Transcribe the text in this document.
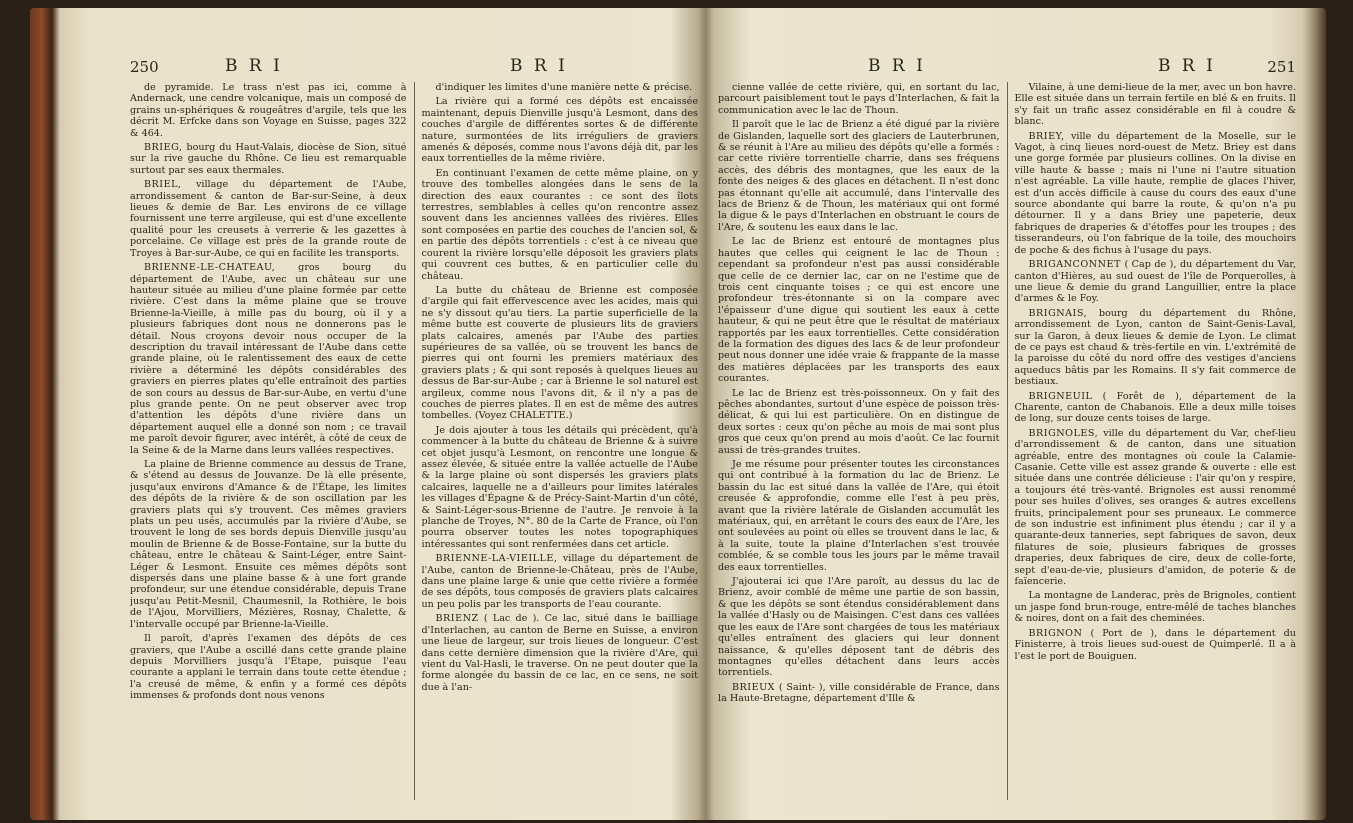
250	B R I	B R I

de pyramide. Le trass n'est pas ici, comme à Andernack, une cendre volcanique, mais un composé de grains un-sphériques & rougeâtres d'argile, tels que les décrit M. Erfcke dans son Voyage en Suisse, pages 322 & 464.

BRIEG, bourg du Haut-Valais, diocèse de Sion, situé sur la rive gauche du Rhône. Ce lieu est remarquable surtout par ses eaux thermales.

BRIEL, village du département de l'Aube, arrondissement & canton de Bar-sur-Seine, à deux lieues & demie de Bar. Les environs de ce village fournissent une terre argileuse, qui est d'une excellente qualité pour les creusets à verrerie & les gazettes à porcelaine. Ce village est près de la grande route de Troyes à Bar-sur-Aube, ce qui en facilite les transports.

BRIENNE-LE-CHATEAU, gros bourg du département de l'Aube, avec un château sur une hauteur située au milieu d'une plaine formée par cette rivière. C'est dans la même plaine que se trouve Brienne-la-Vieille, à mille pas du bourg, où il y a plusieurs fabriques dont nous ne donnerons pas le détail. Nous croyons devoir nous occuper de la description du travail intéressant de l'Aube dans cette grande plaine, où le ralentissement des eaux de cette rivière a déterminé les dépôts considérables des graviers en pierres plates qu'elle entraînoit des parties de son cours au dessus de Bar-sur-Aube, en vertu d'une plus grande pente. On ne peut observer avec trop d'attention les dépôts d'une rivière dans un département auquel elle a donné son nom ; ce travail me paroît devoir figurer, avec intérêt, à côté de ceux de la Seine & de la Marne dans leurs vallées respectives.

La plaine de Brienne commence au dessus de Trane, & s'étend au dessus de Jouvanze. De là elle présente, jusqu'aux environs d'Amance & de l'Étape, les limites des dépôts de la rivière & de son oscillation par les graviers plats qui s'y trouvent. Ces mêmes graviers plats un peu usés, accumulés par la rivière d'Aube, se trouvent le long de ses bords depuis Dienville jusqu'au moulin de Brienne & de Bosse-Fontaine, sur la butte du château, entre le château & Saint-Léger, entre Saint-Léger & Lesmont. Ensuite ces mêmes dépôts sont dispersés dans une plaine basse & à une fort grande profondeur, sur une étendue considérable, depuis Trane jusqu'au Petit-Mesnil, Chaumesnil, la Rothière, le bois de l'Ajou, Morvilliers, Mézières, Rosnay, Chalette, & l'intervalle occupé par Brienne-la-Vieille.

Il paroît, d'après l'examen des dépôts de ces graviers, que l'Aube a oscillé dans cette grande plaine depuis Morvilliers jusqu'à l'Étape, puisque l'eau courante a applani le terrain dans toute cette étendue ; l'a creusé de même, & enfin y a formé ces dépôts immenses & profonds dont nous venons

d'indiquer les limites d'une manière nette & précise.

La rivière qui a formé ces dépôts est encaissée maintenant, depuis Dienville jusqu'à Lesmont, dans des couches d'argile de différentes sortes & de différente nature, surmontées de lits irréguliers de graviers amenés & déposés, comme nous l'avons déjà dit, par les eaux torrentielles de la même rivière.

En continuant l'examen de cette même plaine, on y trouve des tombelles alongées dans le sens de la direction des eaux courantes : ce sont des îlots terrestres, semblables à celles qu'on rencontre assez souvent dans les anciennes vallées des rivières. Elles sont composées en partie des couches de l'ancien sol, & en partie des dépôts torrentiels : c'est à ce niveau que courent la rivière lorsqu'elle déposoit les graviers plats qui couvrent ces buttes, & en particulier celle du château.

La butte du château de Brienne est composée d'argile qui fait effervescence avec les acides, mais qui ne s'y dissout qu'au tiers. La partie superficielle de la même butte est couverte de plusieurs lits de graviers plats calcaires, amenés par l'Aube des parties supérieures de sa vallée, où se trouvent les bancs de pierres qui ont fourni les premiers matériaux des graviers plats ; & qui sont reposés à quelques lieues au dessus de Bar-sur-Aube ; car à Brienne le sol naturel est argileux, comme nous l'avons dit, & il n'y a pas de couches de pierres plates. Il en est de même des autres tombelles. (Voyez CHALETTE.)

Je dois ajouter à tous les détails qui précèdent, qu'à commencer à la butte du château de Brienne & à suivre cet objet jusqu'à Lesmont, on rencontre une longue & assez élevée, & située entre la vallée actuelle de l'Aube & la large plaine où sont dispersés les graviers plats calcaires, laquelle ne a d'ailleurs pour limites latérales les villages d'Épagne & de Précy-Saint-Martin d'un côté, & Saint-Léger-sous-Brienne de l'autre. Je renvoie à la planche de Troyes, N°. 80 de la Carte de France, où l'on pourra observer toutes les notes topographiques intéressantes qui sont renfermées dans cet article.

BRIENNE-LA-VIEILLE, village du département de l'Aube, canton de Brienne-le-Château, près de l'Aube, dans une plaine large & unie que cette rivière a formée de ses dépôts, tous composés de graviers plats calcaires un peu polis par les transports de l'eau courante.

BRIENZ ( Lac de ). Ce lac, situé dans le bailliage d'Interlachen, au canton de Berne en Suisse, a environ une lieue de largeur, sur trois lieues de longueur. C'est dans cette dernière dimension que la rivière d'Are, qui vient du Val-Hasli, le traverse. On ne peut douter que la forme alongée du bassin de ce lac, en ce sens, ne soit due à l'an-

B R I	B R I	251

cienne vallée de cette rivière, qui, en sortant du lac, parcourt paisiblement tout le pays d'Interlachen, & fait la communication avec le lac de Thoun.

Il paroît que le lac de Brienz a été digué par la rivière de Gislanden, laquelle sort des glaciers de Lauterbrunen, & se réunit à l'Are au milieu des dépôts qu'elle a formés : car cette rivière torrentielle charrie, dans ses fréquens accès, des débris des montagnes, que les eaux de la fonte des neiges & des glaces en détachent. Il n'est donc pas étonnant qu'elle ait accumulé, dans l'intervalle des lacs de Brienz & de Thoun, les matériaux qui ont formé la digue & le pays d'Interlachen en obstruant le cours de l'Are, & soutenu les eaux dans le lac.

Le lac de Brienz est entouré de montagnes plus hautes que celles qui ceignent le lac de Thoun : cependant sa profondeur n'est pas aussi considérable que celle de ce dernier lac, car on ne l'estime que de trois cent cinquante toises ; ce qui est encore une profondeur très-étonnante si on la compare avec l'épaisseur d'une digue qui soutient les eaux à cette hauteur, & qui ne peut être que le résultat de matériaux rapportés par les eaux torrentielles. Cette considération de la formation des digues des lacs & de leur profondeur peut nous donner une idée vraie & frappante de la masse des matières déplacées par les transports des eaux courantes.

Le lac de Brienz est très-poissonneux. On y fait des pêches abondantes, surtout d'une espèce de poisson très-délicat, & qui lui est particulière. On en distingue de deux sortes : ceux qu'on pêche au mois de mai sont plus gros que ceux qu'on prend au mois d'août. Ce lac fournit aussi de très-grandes truites.

Je me résume pour présenter toutes les circonstances qui ont contribué à la formation du lac de Brienz. Le bassin du lac est situé dans la vallée de l'Are, qui étoit creusée & approfondie, comme elle l'est à peu près, avant que la rivière latérale de Gislanden accumulât les matériaux, qui, en arrêtant le cours des eaux de l'Are, les ont soulevées au point où elles se trouvent dans le lac, & à la suite, toute la plaine d'Interlachen s'est trouvée comblée, & se comble tous les jours par le même travail des eaux torrentielles.

J'ajouterai ici que l'Are paroît, au dessus du lac de Brienz, avoir comblé de même une partie de son bassin, & que les dépôts se sont étendus considérablement dans la vallée d'Hasly ou de Maisingen. C'est dans ces vallées que les eaux de l'Are sont chargées de tous les matériaux qu'elles entraînent des glaciers qui leur donnent naissance, & qu'elles déposent tant de débris des montagnes qu'elles détachent dans leurs accès torrentiels.

BRIEUX ( Saint- ), ville considérable de France, dans la Haute-Bretagne, département d'Ille &

Vilaine, à une demi-lieue de la mer, avec un bon havre. Elle est située dans un terrain fertile en blé & en fruits. Il s'y fait un trafic assez considérable en fil à coudre & blanc.

BRIEY, ville du département de la Moselle, sur le Vagot, à cinq lieues nord-ouest de Metz. Briey est dans une gorge formée par plusieurs collines. On la divise en ville haute & basse ; mais ni l'une ni l'autre situation n'est agréable. La ville haute, remplie de glaces l'hiver, est d'un accès difficile à cause du cours des eaux d'une source abondante qui barre la route, & qu'on n'a pu détourner. Il y a dans Briey une papeterie, deux fabriques de draperies & d'étoffes pour les troupes ; des tisserandeurs, où l'on fabrique de la toile, des mouchoirs de poche & des fichus à l'usage du pays.

BRIGANCONNET ( Cap de ), du département du Var, canton d'Hières, au sud ouest de l'île de Porquerolles, à une lieue & demie du grand Languillier, entre la place d'armes & le Foy.

BRIGNAIS, bourg du département du Rhône, arrondissement de Lyon, canton de Saint-Genis-Laval, sur la Garon, à deux lieues & demie de Lyon. Le climat de ce pays est chaud & très-fertile en vin. L'extrémité de la paroisse du côté du nord offre des vestiges d'anciens aqueducs bâtis par les Romains. Il s'y fait commerce de bestiaux.

BRIGNEUIL ( Forêt de ), département de la Charente, canton de Chabanois. Elle a deux mille toises de long, sur douze cents toises de large.

BRIGNOLES, ville du département du Var, chef-lieu d'arrondissement & de canton, dans une situation agréable, entre des montagnes où coule la Calamie-Casanie. Cette ville est assez grande & ouverte : elle est située dans une contrée délicieuse : l'air qu'on y respire, a toujours été très-vanté. Brignoles est aussi renommé pour ses huiles d'olives, ses oranges & autres excellens fruits, principalement pour ses pruneaux. Le commerce de son industrie est infiniment plus étendu ; car il y a quarante-deux tanneries, sept fabriques de savon, deux filatures de soie, plusieurs fabriques de grosses draperies, deux fabriques de cire, deux de colle-forte, sept d'eau-de-vie, plusieurs d'amidon, de poterie & de faïencerie.

La montagne de Landerac, près de Brignoles, contient un jaspe fond brun-rouge, entre-mêlé de taches blanches & noires, dont on a fait des cheminées.

BRIGNON ( Port de ), dans le département du Finisterre, à trois lieues sud-ouest de Quimperlé. Il a à l'est le port de Bouiguen.
